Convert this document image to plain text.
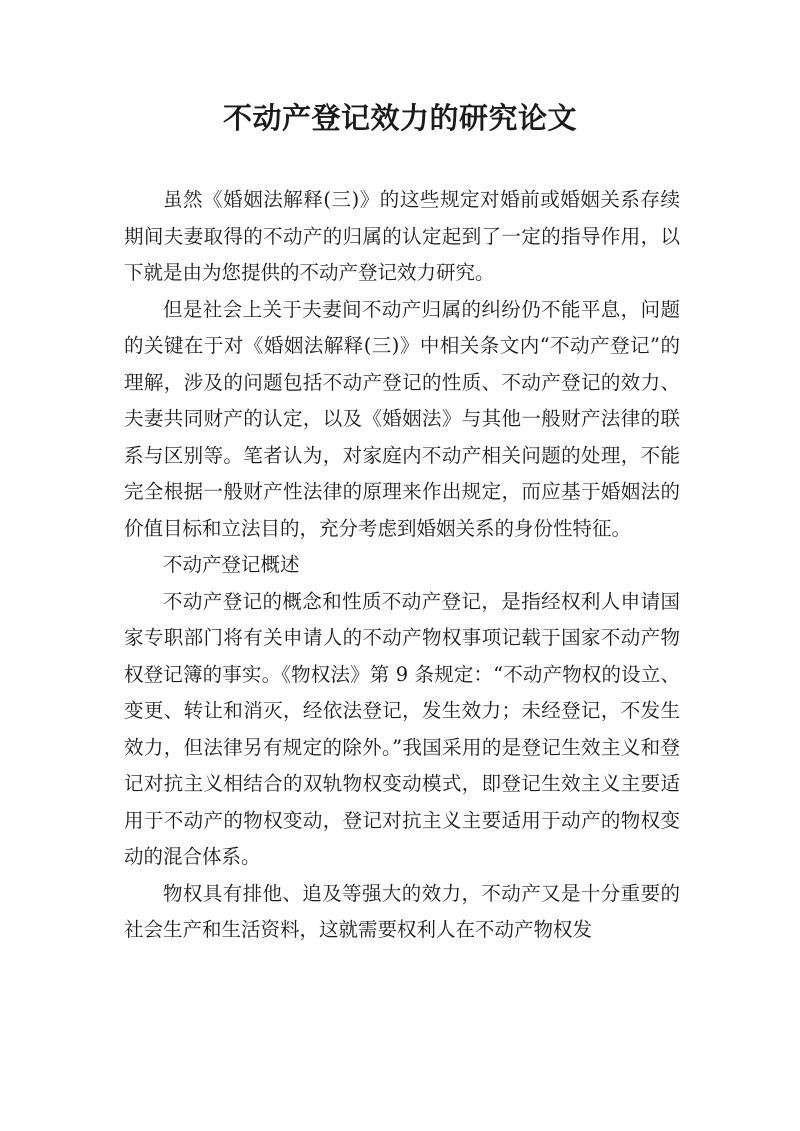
不动产登记效力的研究论文

虽然《婚姻法解释(三)》的这些规定对婚前或婚姻关系存续期间夫妻取得的不动产的归属的认定起到了一定的指导作用，以下就是由为您提供的不动产登记效力研究。

但是社会上关于夫妻间不动产归属的纠纷仍不能平息，问题的关键在于对《婚姻法解释(三)》中相关条文内“不动产登记”的理解，涉及的问题包括不动产登记的性质、不动产登记的效力、夫妻共同财产的认定，以及《婚姻法》与其他一般财产法律的联系与区别等。笔者认为，对家庭内不动产相关问题的处理，不能完全根据一般财产性法律的原理来作出规定，而应基于婚姻法的价值目标和立法目的，充分考虑到婚姻关系的身份性特征。

不动产登记概述

不动产登记的概念和性质不动产登记，是指经权利人申请国家专职部门将有关申请人的不动产物权事项记载于国家不动产物权登记簿的事实。《物权法》第 9 条规定：“不动产物权的设立、变更、转让和消灭，经依法登记，发生效力；未经登记，不发生效力，但法律另有规定的除外。”我国采用的是登记生效主义和登记对抗主义相结合的双轨物权变动模式，即登记生效主义主要适用于不动产的物权变动，登记对抗主义主要适用于动产的物权变动的混合体系。

物权具有排他、追及等强大的效力，不动产又是十分重要的社会生产和生活资料，这就需要权利人在不动产物权发
